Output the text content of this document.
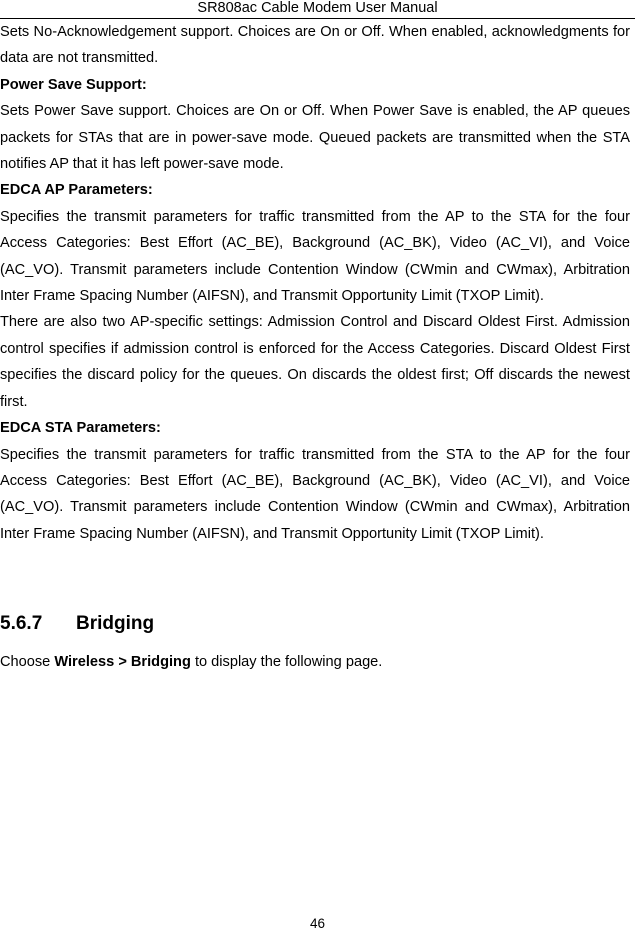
SR808ac Cable Modem User Manual

Sets No-Acknowledgement support. Choices are On or Off. When enabled, acknowledgments for data are not transmitted.

Power Save Support:

Sets Power Save support. Choices are On or Off. When Power Save is enabled, the AP queues packets for STAs that are in power-save mode. Queued packets are transmitted when the STA notifies AP that it has left power-save mode.

EDCA AP Parameters:

Specifies the transmit parameters for traffic transmitted from the AP to the STA for the four Access Categories: Best Effort (AC_BE), Background (AC_BK), Video (AC_VI), and Voice (AC_VO). Transmit parameters include Contention Window (CWmin and CWmax), Arbitration Inter Frame Spacing Number (AIFSN), and Transmit Opportunity Limit (TXOP Limit).

There are also two AP-specific settings: Admission Control and Discard Oldest First. Admission control specifies if admission control is enforced for the Access Categories. Discard Oldest First specifies the discard policy for the queues. On discards the oldest first; Off discards the newest first.

EDCA STA Parameters:

Specifies the transmit parameters for traffic transmitted from the STA to the AP for the four Access Categories: Best Effort (AC_BE), Background (AC_BK), Video (AC_VI), and Voice (AC_VO). Transmit parameters include Contention Window (CWmin and CWmax), Arbitration Inter Frame Spacing Number (AIFSN), and Transmit Opportunity Limit (TXOP Limit).

5.6.7 Bridging
Choose Wireless > Bridging to display the following page.
46
